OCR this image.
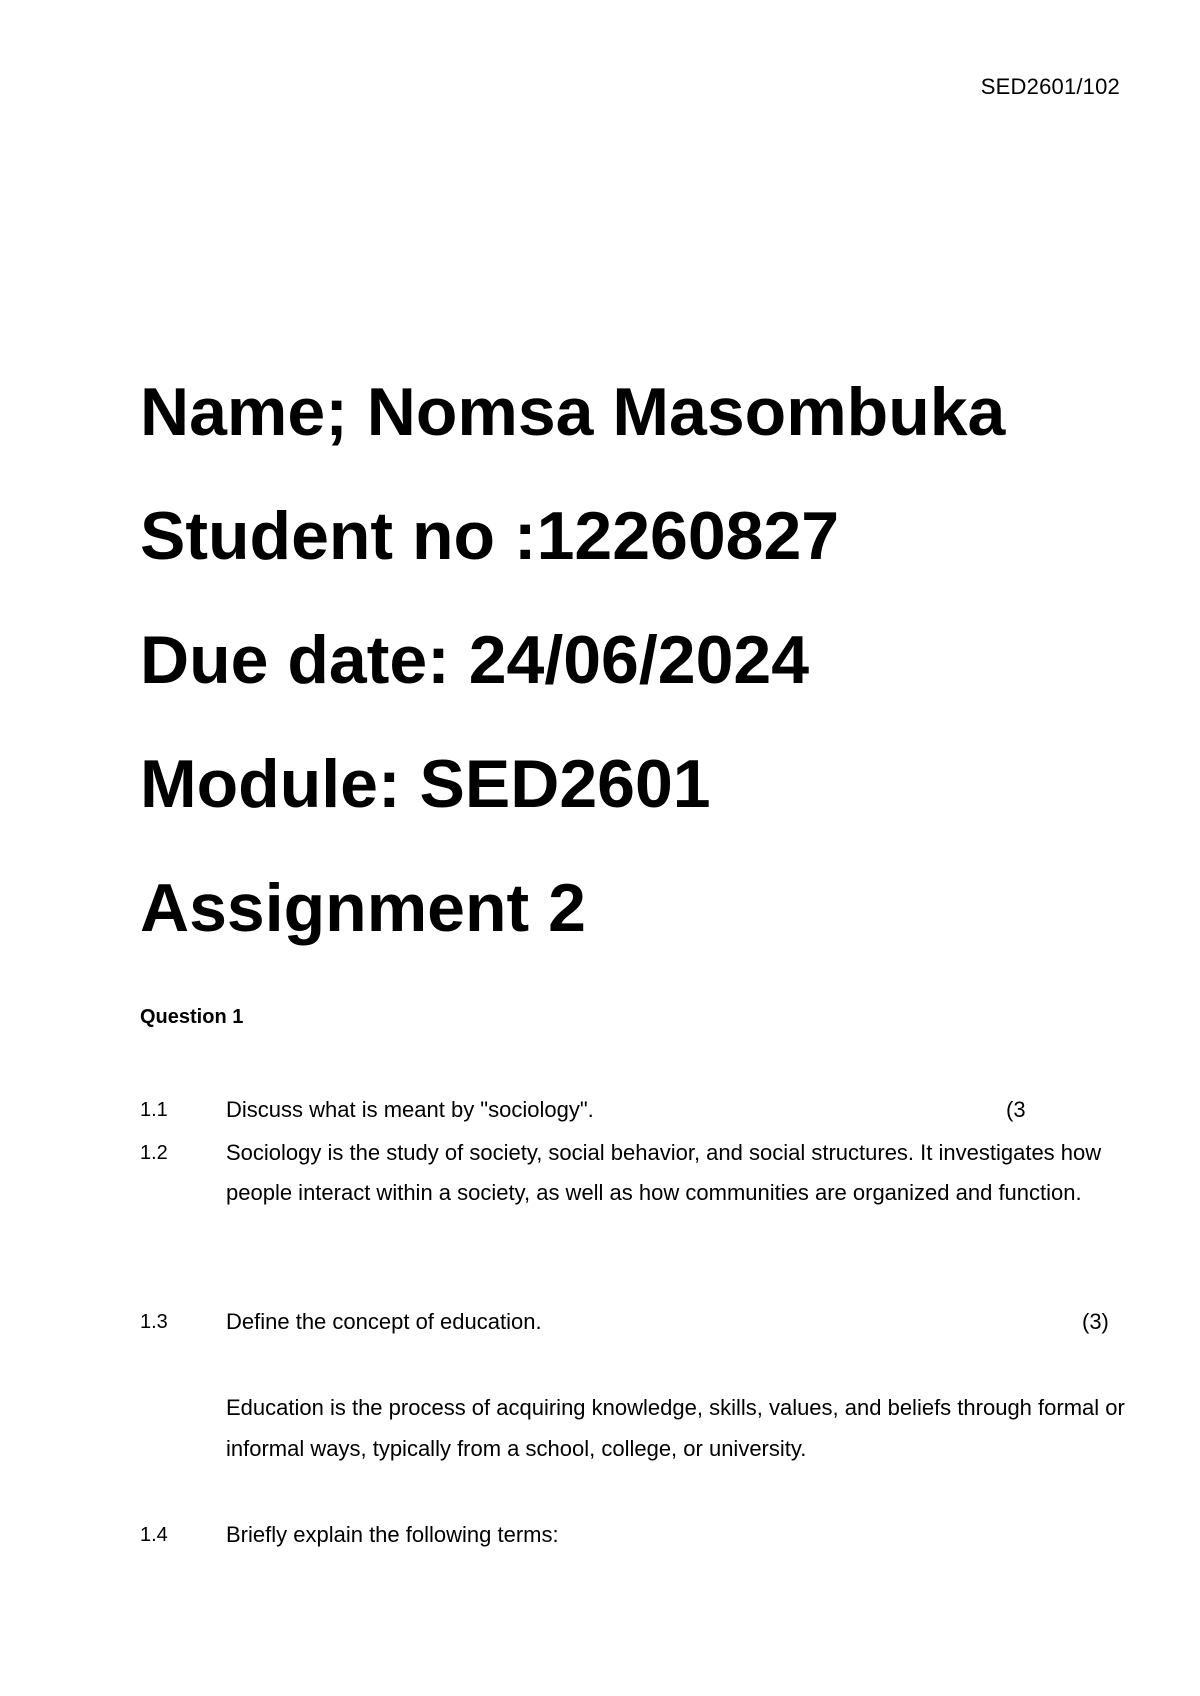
SED2601/102

Name; Nomsa Masombuka

Student no :12260827

Due date: 24/06/2024

Module: SED2601

Assignment 2

Question 1
1.1	Discuss what is meant by "sociology".	(3
1.2	Sociology is the study of society, social behavior, and social structures. It investigates how people interact within a society, as well as how communities are organized and function.
1.3	Define the concept of education.	(3)
Education is the process of acquiring knowledge, skills, values, and beliefs through formal or informal ways, typically from a school, college, or university.
1.4	Briefly explain the following terms:
